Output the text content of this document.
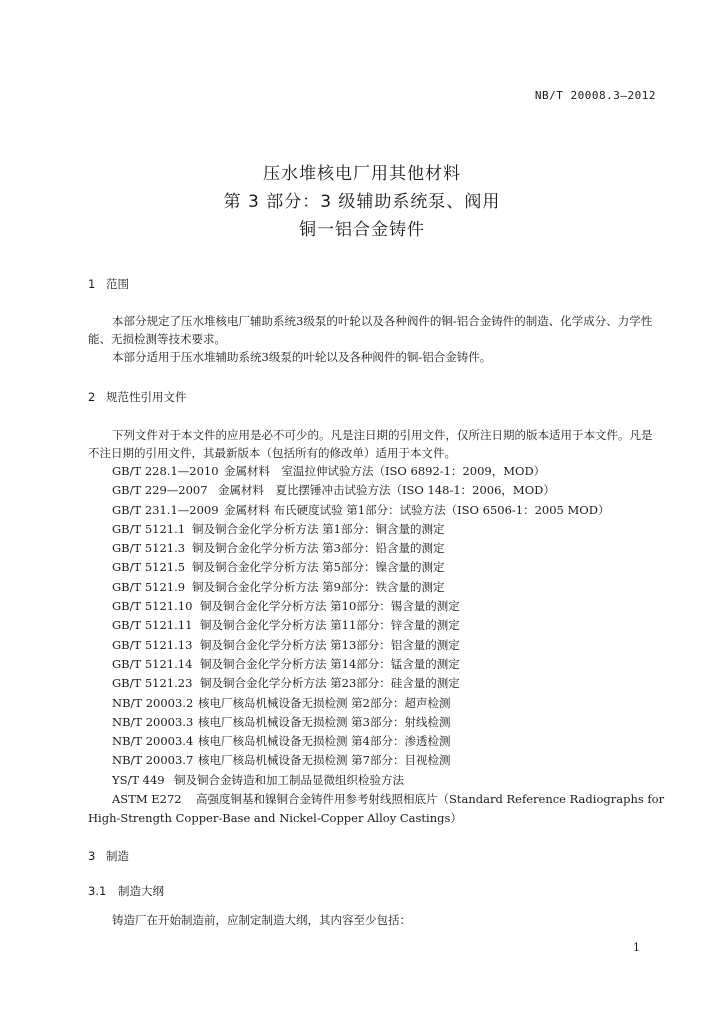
NB/T 20008.3—2012
压水堆核电厂用其他材料
第 3 部分：3 级辅助系统泵、阀用
铜一铝合金铸件
1 范围

本部分规定了压水堆核电厂辅助系统3级泵的叶轮以及各种阀件的铜-铝合金铸件的制造、化学成分、力学性能、无损检测等技术要求。

本部分适用于压水堆辅助系统3级泵的叶轮以及各种阀件的铜-铝合金铸件。

2 规范性引用文件

下列文件对于本文件的应用是必不可少的。凡是注日期的引用文件，仅所注日期的版本适用于本文件。凡是不注日期的引用文件，其最新版本（包括所有的修改单）适用于本文件。

GB/T 228.1—2010 金属材料　室温拉伸试验方法（ISO 6892-1：2009，MOD）
GB/T 229—2007 金属材料　夏比摆锤冲击试验方法（ISO 148-1：2006，MOD）
GB/T 231.1—2009 金属材料 布氏硬度试验 第1部分：试验方法（ISO 6506-1：2005 MOD）
GB/T 5121.1 铜及铜合金化学分析方法 第1部分：铜含量的测定
GB/T 5121.3 铜及铜合金化学分析方法 第3部分：铅含量的测定
GB/T 5121.5 铜及铜合金化学分析方法 第5部分：镍含量的测定
GB/T 5121.9 铜及铜合金化学分析方法 第9部分：铁含量的测定
GB/T 5121.10 铜及铜合金化学分析方法 第10部分：锡含量的测定
GB/T 5121.11 铜及铜合金化学分析方法 第11部分：锌含量的测定
GB/T 5121.13 铜及铜合金化学分析方法 第13部分：铝含量的测定
GB/T 5121.14 铜及铜合金化学分析方法 第14部分：锰含量的测定
GB/T 5121.23 铜及铜合金化学分析方法 第23部分：硅含量的测定
NB/T 20003.2 核电厂核岛机械设备无损检测 第2部分：超声检测
NB/T 20003.3 核电厂核岛机械设备无损检测 第3部分：射线检测
NB/T 20003.4 核电厂核岛机械设备无损检测 第4部分：渗透检测
NB/T 20003.7 核电厂核岛机械设备无损检测 第7部分：目视检测
YS/T 449 铜及铜合金铸造和加工制品显微组织检验方法
ASTM E272 高强度铜基和镍铜合金铸件用参考射线照相底片（Standard Reference Radiographs for High-Strength Copper-Base and Nickel-Copper Alloy Castings）
3 制造
3.1 制造大纲

铸造厂在开始制造前，应制定制造大纲，其内容至少包括：

1
